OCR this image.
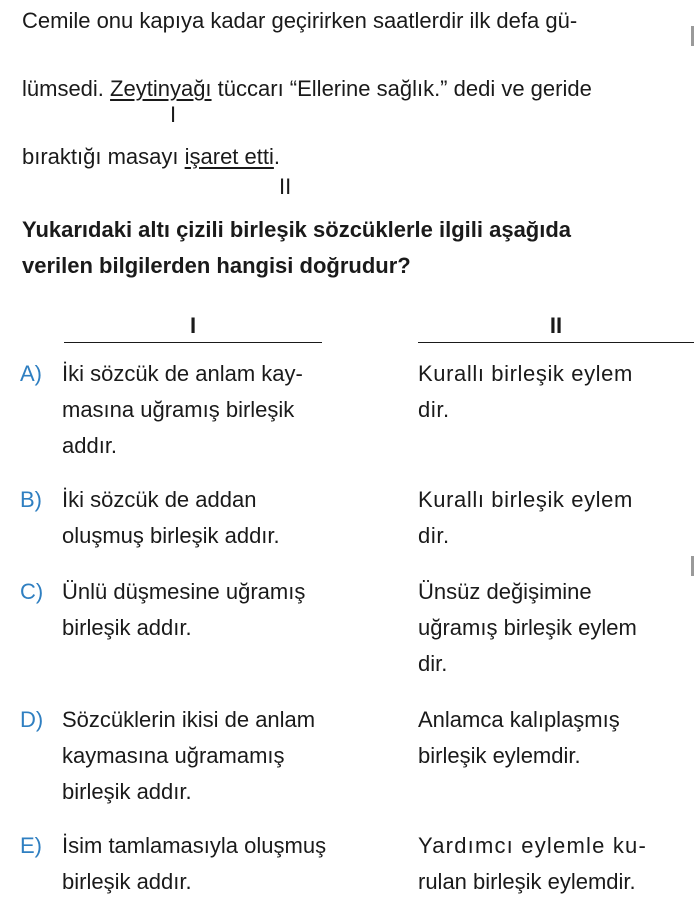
Cemile onu kapıya kadar geçirirken saatlerdir ilk defa gü-
lümsedi. Zeytinyağı tüccarı “Ellerine sağlık.” dedi ve geride
I
bıraktığı masayı işaret etti.
II
Yukarıdaki altı çizili birleşik sözcüklerle ilgili aşağıda
verilen bilgilerden hangisi doğrudur?
I	II
A) İki sözcük de anlam kay-
masına uğramış birleşik
addır.
Kurallı birleşik eylem
dir.
B) İki sözcük de addan
oluşmuş birleşik addır.
Kurallı birleşik eylem
dir.
C) Ünlü düşmesine uğramış
birleşik addır.
Ünsüz değişimine
uğramış birleşik eylem
dir.
D) Sözcüklerin ikisi de anlam
kaymasına uğramamış
birleşik addır.
Anlamca kalıplaşmış
birleşik eylemdir.
E) İsim tamlamasıyla oluşmuş
birleşik addır.
Yardımcı eylemle ku-
rulan birleşik eylemdir.
